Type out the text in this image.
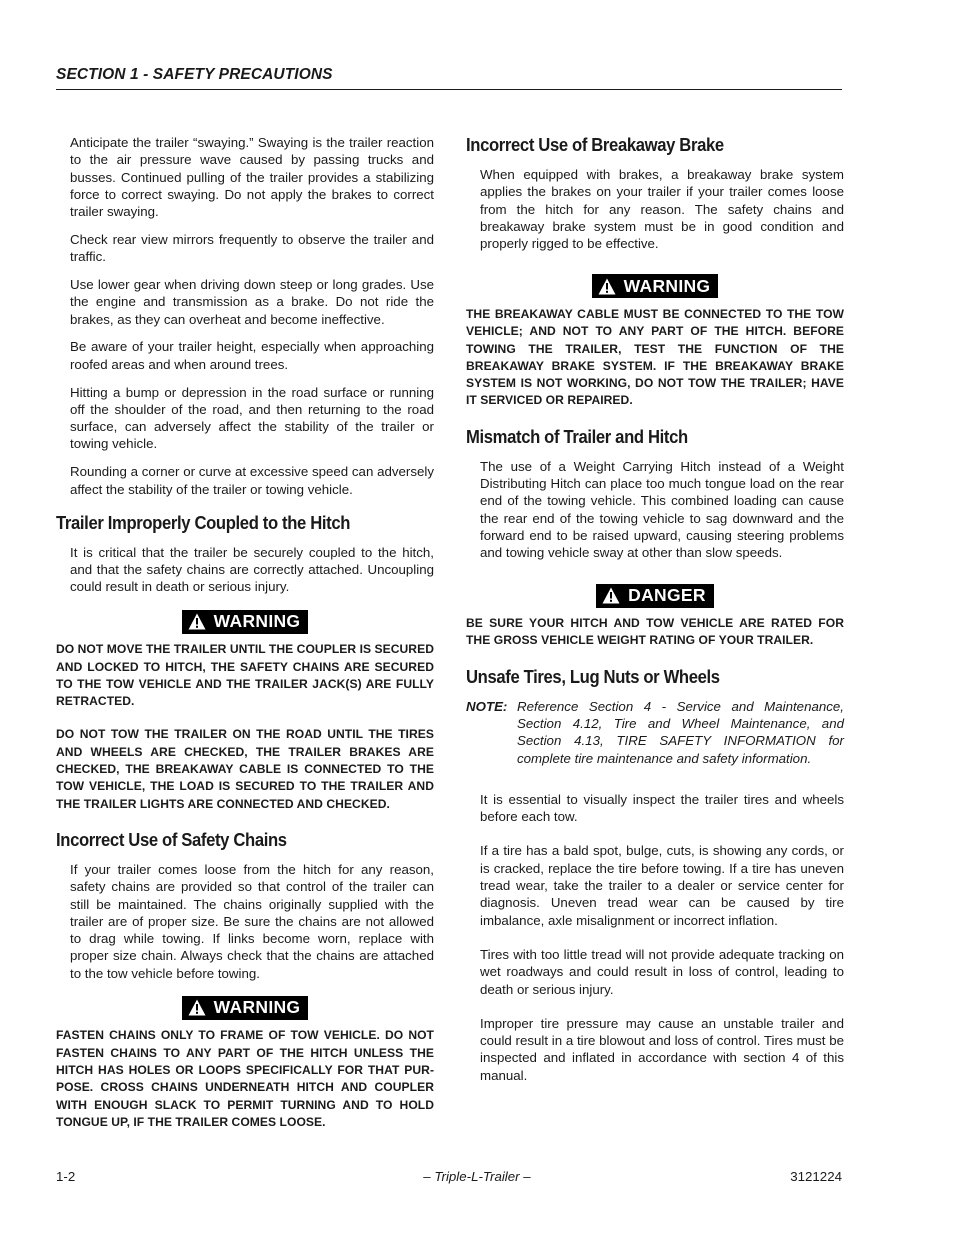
SECTION 1 - SAFETY PRECAUTIONS

Anticipate the trailer “swaying.” Swaying is the trailer reaction to the air pressure wave caused by passing trucks and busses. Continued pulling of the trailer provides a stabilizing force to correct swaying. Do not apply the brakes to correct trailer swaying.

Check rear view mirrors frequently to observe the trailer and traffic.

Use lower gear when driving down steep or long grades. Use the engine and transmission as a brake. Do not ride the brakes, as they can overheat and become ineffective.

Be aware of your trailer height, especially when approaching roofed areas and when around trees.

Hitting a bump or depression in the road surface or running off the shoulder of the road, and then returning to the road surface, can adversely affect the stability of the trailer or towing vehicle.

Rounding a corner or curve at excessive speed can adversely affect the stability of the trailer or towing vehicle.

Trailer Improperly Coupled to the Hitch

It is critical that the trailer be securely coupled to the hitch, and that the safety chains are correctly attached. Uncoupling could result in death or serious injury.

WARNING

DO NOT MOVE THE TRAILER UNTIL THE COUPLER IS SECURED AND LOCKED TO HITCH, THE SAFETY CHAINS ARE SECURED TO THE TOW VEHICLE AND THE TRAILER JACK(S) ARE FULLY RETRACTED.

DO NOT TOW THE TRAILER ON THE ROAD UNTIL THE TIRES AND WHEELS ARE CHECKED, THE TRAILER BRAKES ARE CHECKED, THE BREAKAWAY CABLE IS CONNECTED TO THE TOW VEHICLE, THE LOAD IS SECURED TO THE TRAILER AND THE TRAILER LIGHTS ARE CONNECTED AND CHECKED.

Incorrect Use of Safety Chains

If your trailer comes loose from the hitch for any reason, safety chains are provided so that control of the trailer can still be maintained. The chains originally supplied with the trailer are of proper size. Be sure the chains are not allowed to drag while towing. If links become worn, replace with proper size chain. Always check that the chains are attached to the tow vehicle before towing.

WARNING

FASTEN CHAINS ONLY TO FRAME OF TOW VEHICLE. DO NOT FASTEN CHAINS TO ANY PART OF THE HITCH UNLESS THE HITCH HAS HOLES OR LOOPS SPECIFICALLY FOR THAT PURPOSE. CROSS CHAINS UNDERNEATH HITCH AND COUPLER WITH ENOUGH SLACK TO PERMIT TURNING AND TO HOLD TONGUE UP, IF THE TRAILER COMES LOOSE.

Incorrect Use of Breakaway Brake

When equipped with brakes, a breakaway brake system applies the brakes on your trailer if your trailer comes loose from the hitch for any reason. The safety chains and breakaway brake system must be in good condition and properly rigged to be effective.

WARNING

THE BREAKAWAY CABLE MUST BE CONNECTED TO THE TOW VEHICLE; AND NOT TO ANY PART OF THE HITCH. BEFORE TOWING THE TRAILER, TEST THE FUNCTION OF THE BREAKAWAY BRAKE SYSTEM. IF THE BREAKAWAY BRAKE SYSTEM IS NOT WORKING, DO NOT TOW THE TRAILER; HAVE IT SERVICED OR REPAIRED.

Mismatch of Trailer and Hitch

The use of a Weight Carrying Hitch instead of a Weight Distributing Hitch can place too much tongue load on the rear end of the towing vehicle. This combined loading can cause the rear end of the towing vehicle to sag downward and the forward end to be raised upward, causing steering problems and towing vehicle sway at other than slow speeds.

DANGER

BE SURE YOUR HITCH AND TOW VEHICLE ARE RATED FOR THE GROSS VEHICLE WEIGHT RATING OF YOUR TRAILER.

Unsafe Tires, Lug Nuts or Wheels
NOTE: Reference Section 4 - Service and Maintenance, Section 4.12, Tire and Wheel Maintenance, and Section 4.13, TIRE SAFETY INFORMATION for complete tire maintenance and safety information.

It is essential to visually inspect the trailer tires and wheels before each tow.

If a tire has a bald spot, bulge, cuts, is showing any cords, or is cracked, replace the tire before towing. If a tire has uneven tread wear, take the trailer to a dealer or service center for diagnosis. Uneven tread wear can be caused by tire imbalance, axle misalignment or incorrect inflation.

Tires with too little tread will not provide adequate tracking on wet roadways and could result in loss of control, leading to death or serious injury.

Improper tire pressure may cause an unstable trailer and could result in a tire blowout and loss of control. Tires must be inspected and inflated in accordance with section 4 of this manual.

1-2	– Triple-L-Trailer –	3121224
